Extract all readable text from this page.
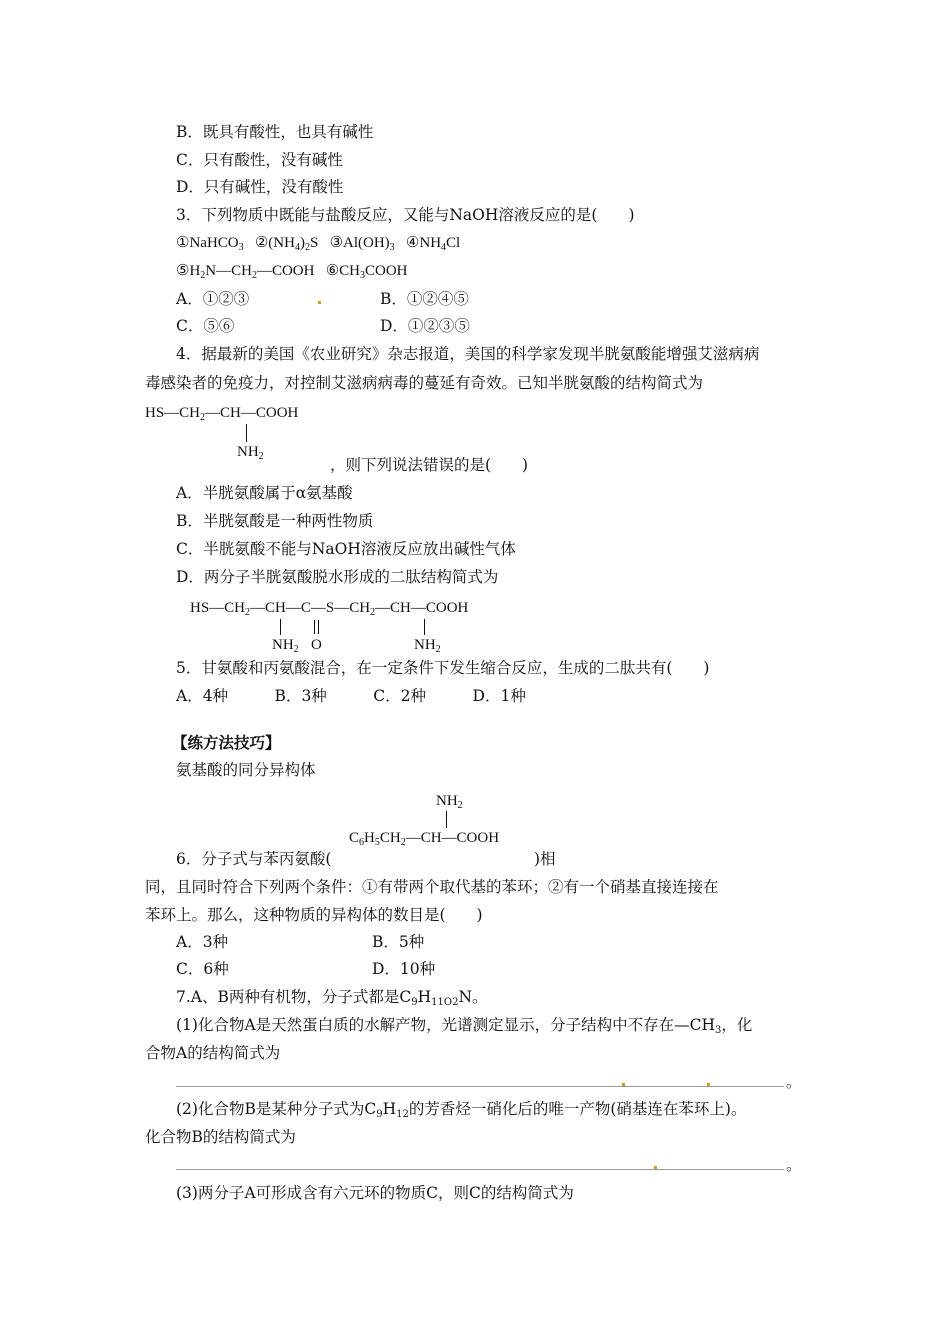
B．既具有酸性，也具有碱性
C．只有酸性，没有碱性
D．只有碱性，没有酸性
3．下列物质中既能与盐酸反应，又能与NaOH溶液反应的是(　　)
①NaHCO$_3$ $②(NH_4)_2S$ $③Al(OH)_3$ $④NH_4Cl$
$⑤H_2N—CH_2—COOH$ $⑥CH_3COOH$
A．①②③	B．①②④⑤
C．⑤⑥	D．①②③⑤
4．据最新的美国《农业研究》杂志报道，美国的科学家发现半胱氨酸能增强艾滋病病
毒感染者的免疫力，对控制艾滋病病毒的蔓延有奇效。已知半胱氨酸的结构简式为
$HS—CH_2—CH—COOH$
$NH_2$	，则下列说法错误的是(　　)
A．半胱氨酸属于α氨基酸
B．半胱氨酸是一种两性物质
C．半胱氨酸不能与NaOH溶液反应放出碱性气体
D．两分子半胱氨酸脱水形成的二肽结构简式为
$HS—CH_2—CH—C—S—CH_2—CH—COOH$
$NH_2$ O	$NH_2$
5．甘氨酸和丙氨酸混合，在一定条件下发生缩合反应，生成的二肽共有(　　)
A．4种　　　B．3种　　　C．2种　　　D．1种
【练方法技巧】
氨基酸的同分异构体
$NH_2$
$C_6H_5CH_2—CH—COOH$
6．分子式与苯丙氨酸(	)相
同，且同时符合下列两个条件：①有带两个取代基的苯环；②有一个硝基直接连接在
苯环上。那么，这种物质的异构体的数目是(　　)
A．3种	B．5种
C．6种	D．10种
7.A、B两种有机物，分子式都是$C_9H_{11O2}N$。
(1)化合物A是天然蛋白质的水解产物，光谱测定显示，分子结构中不存在$—CH_3$，化
合物A的结构简式为
。
(2)化合物B是某种分子式为$C_9H_{12}$的芳香烃一硝化后的唯一产物(硝基连在苯环上)。
化合物B的结构简式为
。
(3)两分子A可形成含有六元环的物质C，则C的结构简式为
